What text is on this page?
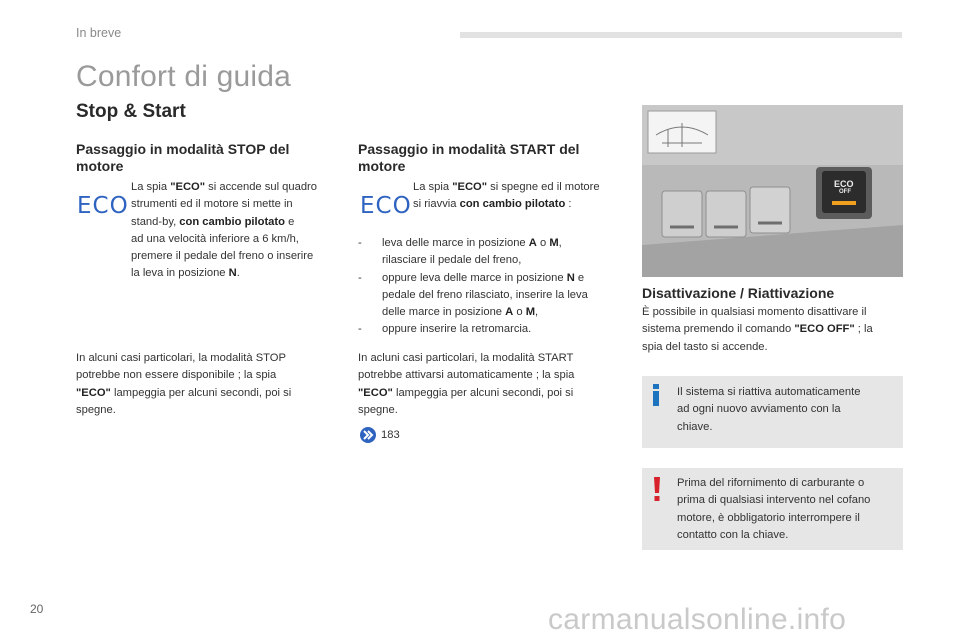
In breve
Confort di guida
Stop & Start
Passaggio in modalità STOP del
motore
ECO
La spia "ECO" si accende sul quadro
strumenti ed il motore si mette in
stand-by, con cambio pilotato e
ad una velocità inferiore a 6 km/h,
premere il pedale del freno o inserire
la leva in posizione N.
In alcuni casi particolari, la modalità STOP
potrebbe non essere disponibile ; la spia
"ECO" lampeggia per alcuni secondi, poi si
spegne.
Passaggio in modalità START del
motore
ECO
La spia "ECO" si spegne ed il motore
si riavvia con cambio pilotato :
- leva delle marce in posizione A o M,
rilasciare il pedale del freno,
- oppure leva delle marce in posizione N e
pedale del freno rilasciato, inserire la leva
delle marce in posizione A o M,
- oppure inserire la retromarcia.
In acluni casi particolari, la modalità START
potrebbe attivarsi automaticamente ; la spia
"ECO" lampeggia per alcuni secondi, poi si
spegne.
183
ECO
OFF
Disattivazione / Riattivazione
È possibile in qualsiasi momento disattivare il
sistema premendo il comando "ECO OFF" ; la
spia del tasto si accende.
Il sistema si riattiva automaticamente
ad ogni nuovo avviamento con la
chiave.
Prima del rifornimento di carburante o
prima di qualsiasi intervento nel cofano
motore, è obbligatorio interrompere il
contatto con la chiave.
20	carmanualsonline.info
